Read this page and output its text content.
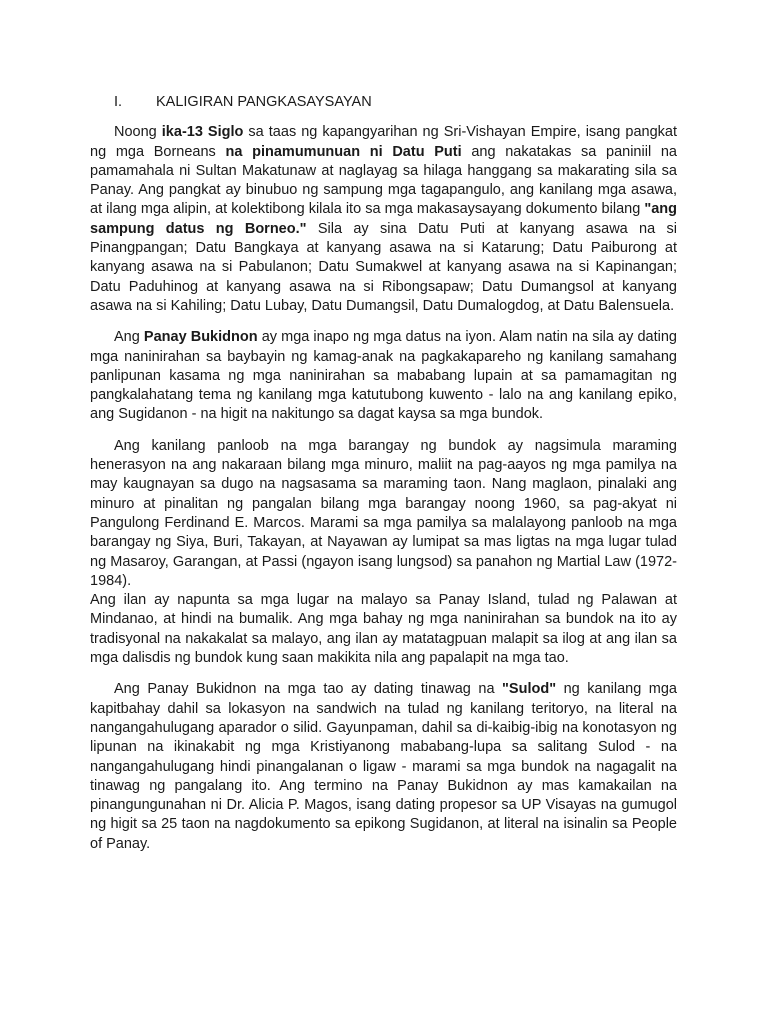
I.	KALIGIRAN PANGKASAYSAYAN

Noong ika-13 Siglo sa taas ng kapangyarihan ng Sri-Vishayan Empire, isang pangkat ng mga Borneans na pinamumunuan ni Datu Puti ang nakatakas sa paniniil na pamamahala ni Sultan Makatunaw at naglayag sa hilaga hanggang sa makarating sila sa Panay. Ang pangkat ay binubuo ng sampung mga tagapangulo, ang kanilang mga asawa, at ilang mga alipin, at kolektibong kilala ito sa mga makasaysayang dokumento bilang "ang sampung datus ng Borneo." Sila ay sina Datu Puti at kanyang asawa na si Pinangpangan; Datu Bangkaya at kanyang asawa na si Katarung; Datu Paiburong at kanyang asawa na si Pabulanon; Datu Sumakwel at kanyang asawa na si Kapinangan; Datu Paduhinog at kanyang asawa na si Ribongsapaw; Datu Dumangsol at kanyang asawa na si Kahiling; Datu Lubay, Datu Dumangsil, Datu Dumalogdog, at Datu Balensuela.

Ang Panay Bukidnon ay mga inapo ng mga datus na iyon. Alam natin na sila ay dating mga naninirahan sa baybayin ng kamag-anak na pagkakapareho ng kanilang samahang panlipunan kasama ng mga naninirahan sa mababang lupain at sa pamamagitan ng pangkalahatang tema ng kanilang mga katutubong kuwento - lalo na ang kanilang epiko, ang Sugidanon - na higit na nakitungo sa dagat kaysa sa mga bundok.

Ang kanilang panloob na mga barangay ng bundok ay nagsimula maraming henerasyon na ang nakaraan bilang mga minuro, maliit na pag-aayos ng mga pamilya na may kaugnayan sa dugo na nagsasama sa maraming taon. Nang maglaon, pinalaki ang minuro at pinalitan ng pangalan bilang mga barangay noong 1960, sa pag-akyat ni Pangulong Ferdinand E. Marcos. Marami sa mga pamilya sa malalayong panloob na mga barangay ng Siya, Buri, Takayan, at Nayawan ay lumipat sa mas ligtas na mga lugar tulad ng Masaroy, Garangan, at Passi (ngayon isang lungsod) sa panahon ng Martial Law (1972-1984).

Ang ilan ay napunta sa mga lugar na malayo sa Panay Island, tulad ng Palawan at Mindanao, at hindi na bumalik. Ang mga bahay ng mga naninirahan sa bundok na ito ay tradisyonal na nakakalat sa malayo, ang ilan ay matatagpuan malapit sa ilog at ang ilan sa mga dalisdis ng bundok kung saan makikita nila ang papalapit na mga tao.

Ang Panay Bukidnon na mga tao ay dating tinawag na "Sulod" ng kanilang mga kapitbahay dahil sa lokasyon na sandwich na tulad ng kanilang teritoryo, na literal na nangangahulugang aparador o silid. Gayunpaman, dahil sa di-kaibig-ibig na konotasyon ng lipunan na ikinakabit ng mga Kristiyanong mababang-lupa sa salitang Sulod - na nangangahulugang hindi pinangalanan o ligaw - marami sa mga bundok na nagagalit na tinawag ng pangalang ito. Ang termino na Panay Bukidnon ay mas kamakailan na pinangungunahan ni Dr. Alicia P. Magos, isang dating propesor sa UP Visayas na gumugol ng higit sa 25 taon na nagdokumento sa epikong Sugidanon, at literal na isinalin sa People of Panay.
